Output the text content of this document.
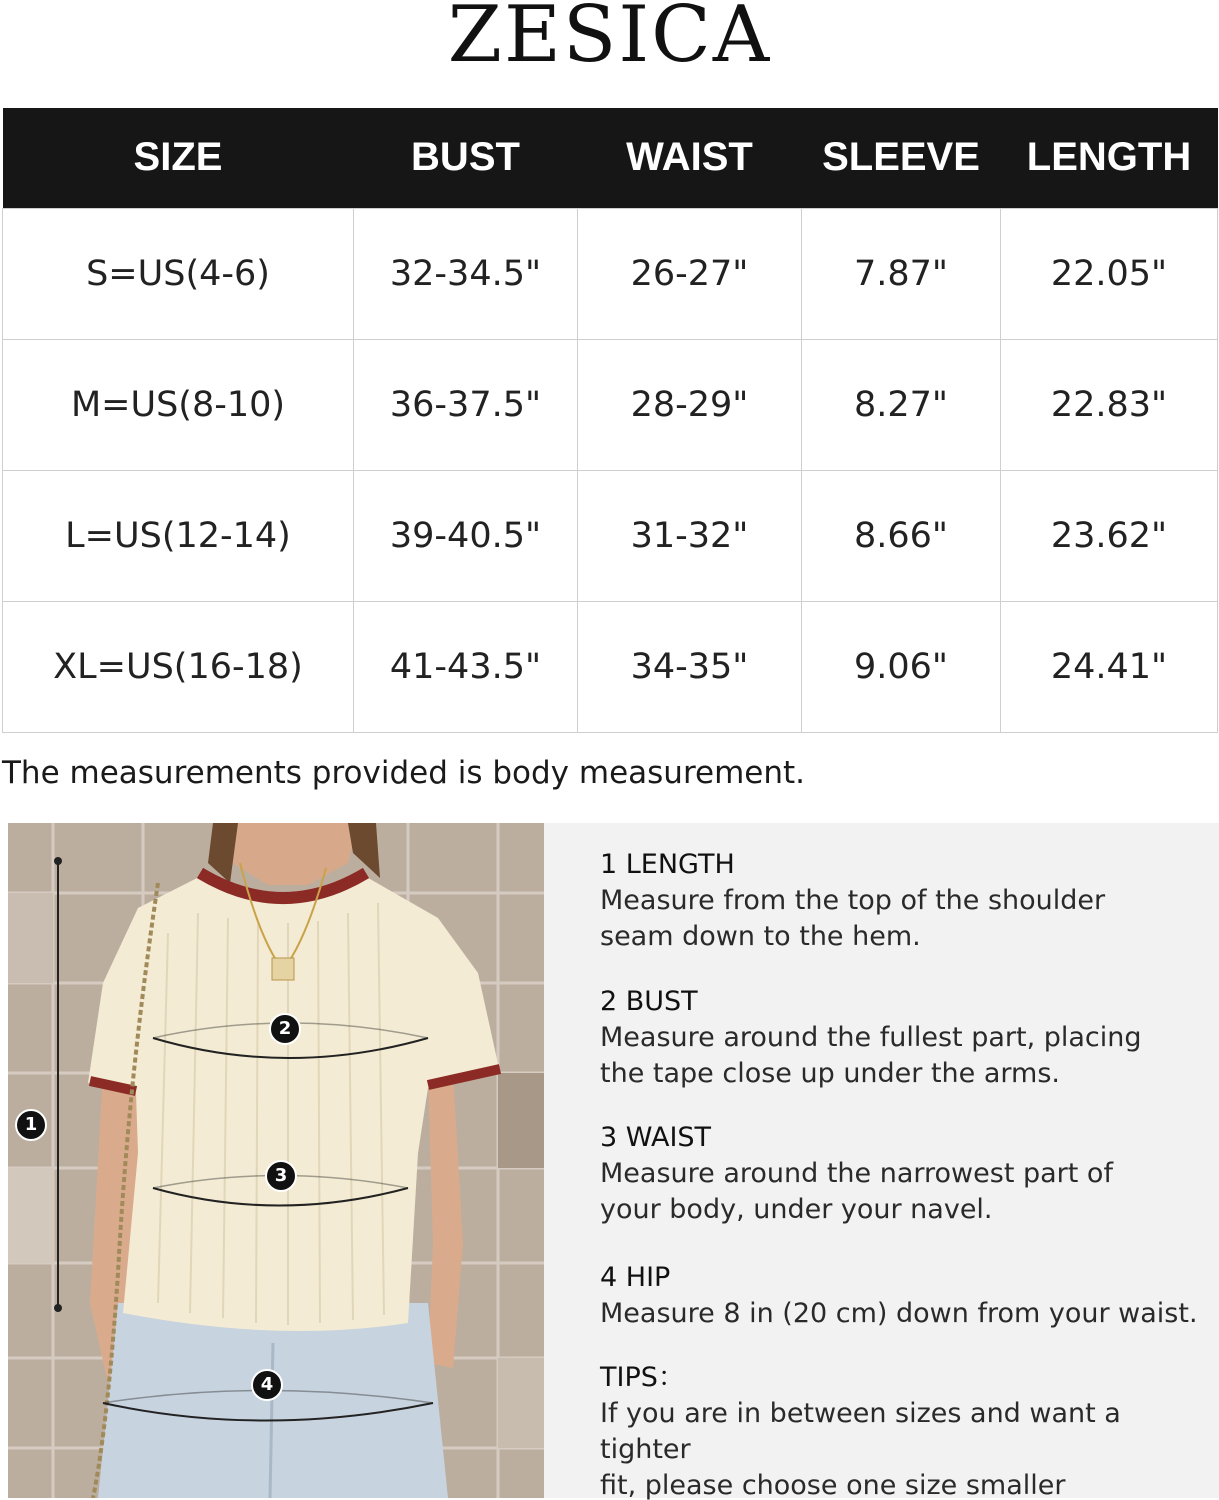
ZESICA
SIZE	BUST	WAIST	SLEEVE	LENGTH
S=US(4-6)	32-34.5"	26-27"	7.87"	22.05"
M=US(8-10)	36-37.5"	28-29"	8.27"	22.83"
L=US(12-14)	39-40.5"	31-32"	8.66"	23.62"
XL=US(16-18)	41-43.5"	34-35"	9.06"	24.41"
The measurements provided is body measurement.
1
2
3
4
1 LENGTH
Measure from the top of the shoulder
seam down to the hem.
2 BUST
Measure around the fullest part, placing
the tape close up under the arms.
3 WAIST
Measure around the narrowest part of
your body, under your navel.
4 HIP
Measure 8 in (20 cm) down from your waist.
TIPS：
If you are in between sizes and want a tighter
fit, please choose one size smaller
